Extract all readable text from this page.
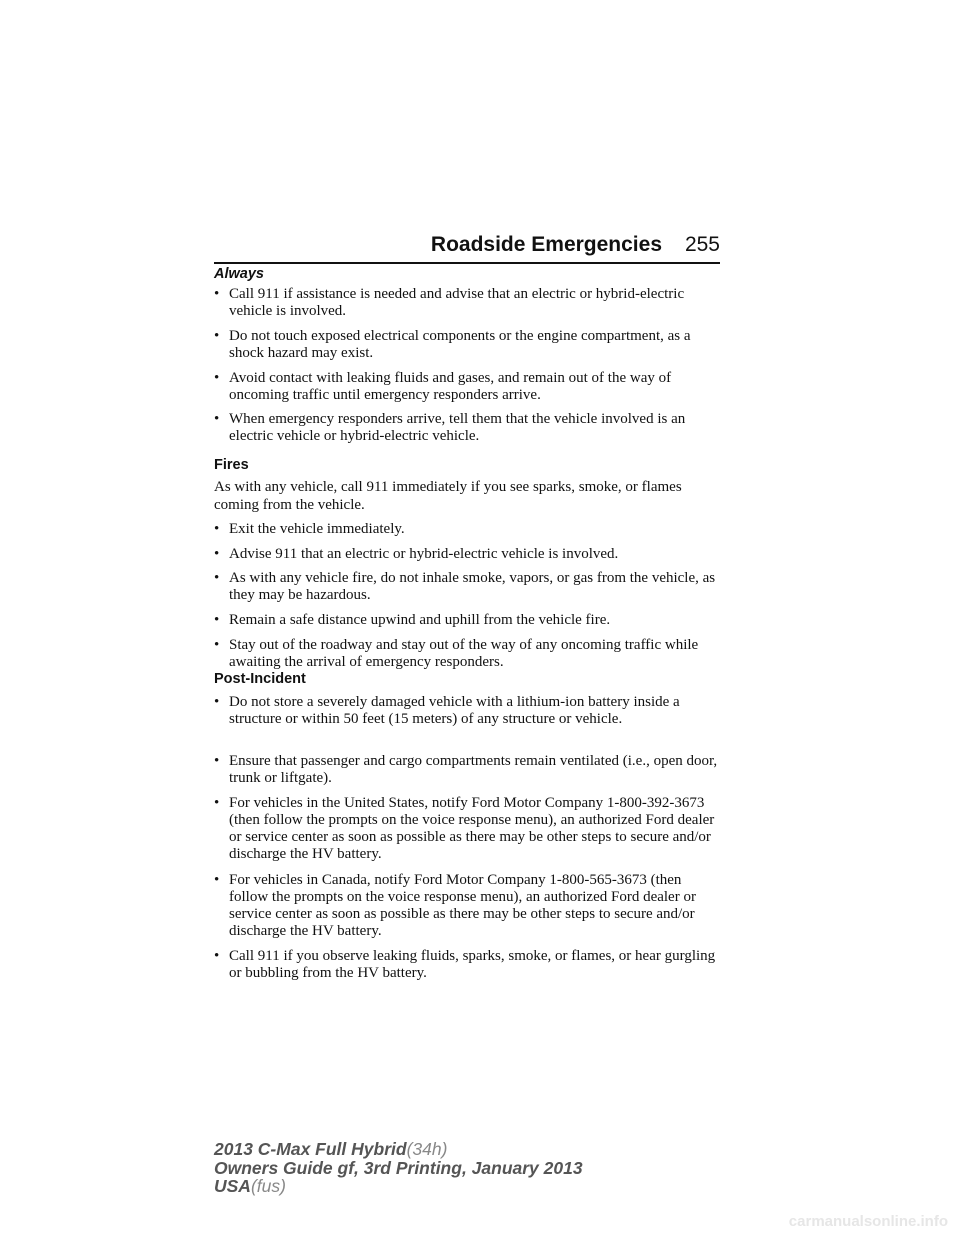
Roadside Emergencies 255

Always

• Call 911 if assistance is needed and advise that an electric or hybrid-electric vehicle is involved.
• Do not touch exposed electrical components or the engine compartment, as a shock hazard may exist.
• Avoid contact with leaking fluids and gases, and remain out of the way of oncoming traffic until emergency responders arrive.
• When emergency responders arrive, tell them that the vehicle involved is an electric vehicle or hybrid-electric vehicle.

Fires

As with any vehicle, call 911 immediately if you see sparks, smoke, or flames coming from the vehicle.

• Exit the vehicle immediately.
• Advise 911 that an electric or hybrid-electric vehicle is involved.
• As with any vehicle fire, do not inhale smoke, vapors, or gas from the vehicle, as they may be hazardous.
• Remain a safe distance upwind and uphill from the vehicle fire.
• Stay out of the roadway and stay out of the way of any oncoming traffic while awaiting the arrival of emergency responders.

Post-Incident

• Do not store a severely damaged vehicle with a lithium-ion battery inside a structure or within 50 feet (15 meters) of any structure or vehicle.
• Ensure that passenger and cargo compartments remain ventilated (i.e., open door, trunk or liftgate).
• For vehicles in the United States, notify Ford Motor Company 1-800-392-3673 (then follow the prompts on the voice response menu), an authorized Ford dealer or service center as soon as possible as there may be other steps to secure and/or discharge the HV battery.
• For vehicles in Canada, notify Ford Motor Company 1-800-565-3673 (then follow the prompts on the voice response menu), an authorized Ford dealer or service center as soon as possible as there may be other steps to secure and/or discharge the HV battery.
• Call 911 if you observe leaking fluids, sparks, smoke, or flames, or hear gurgling or bubbling from the HV battery.
2013 C-Max Full Hybrid(34h)
Owners Guide gf, 3rd Printing, January 2013
USA(fus)
carmanualsonline.info
